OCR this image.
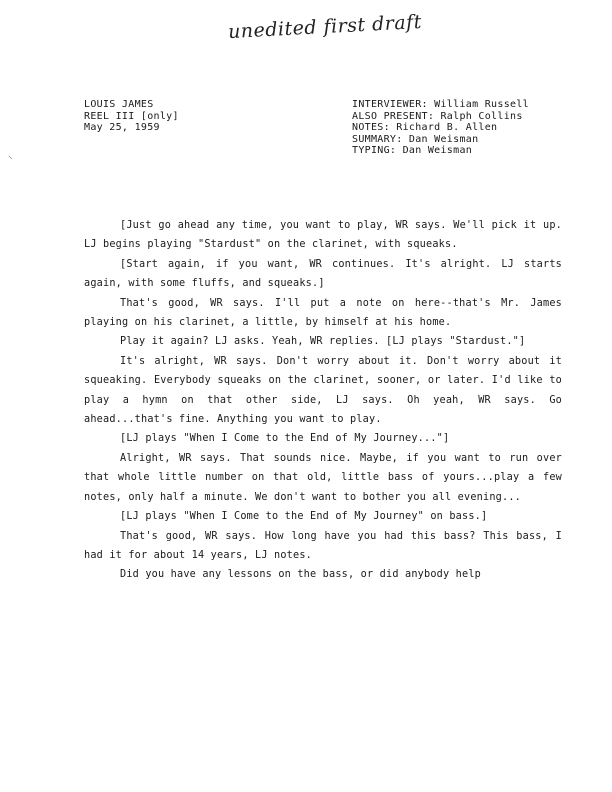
unedited first draft
LOUIS JAMES
REEL III [only]
May 25, 1959
INTERVIEWER: William Russell
ALSO PRESENT: Ralph Collins
NOTES: Richard B. Allen
SUMMARY: Dan Weisman
TYPING: Dan Weisman
⸌

[Just go ahead any time, you want to play, WR says. We'll pick it up. LJ begins playing "Stardust" on the clarinet, with squeaks.

[Start again, if you want, WR continues. It's alright. LJ starts again, with some fluffs, and squeaks.]

That's good, WR says. I'll put a note on here--that's Mr. James playing on his clarinet, a little, by himself at his home.

Play it again? LJ asks. Yeah, WR replies. [LJ plays "Stardust."]

It's alright, WR says. Don't worry about it. Don't worry about it squeaking. Everybody squeaks on the clarinet, sooner, or later. I'd like to play a hymn on that other side, LJ says. Oh yeah, WR says. Go ahead...that's fine. Anything you want to play.

[LJ plays "When I Come to the End of My Journey..."]

Alright, WR says. That sounds nice. Maybe, if you want to run over that whole little number on that old, little bass of yours...play a few notes, only half a minute. We don't want to bother you all evening...

[LJ plays "When I Come to the End of My Journey" on bass.]

That's good, WR says. How long have you had this bass? This bass, I had it for about 14 years, LJ notes.

Did you have any lessons on the bass, or did anybody help
